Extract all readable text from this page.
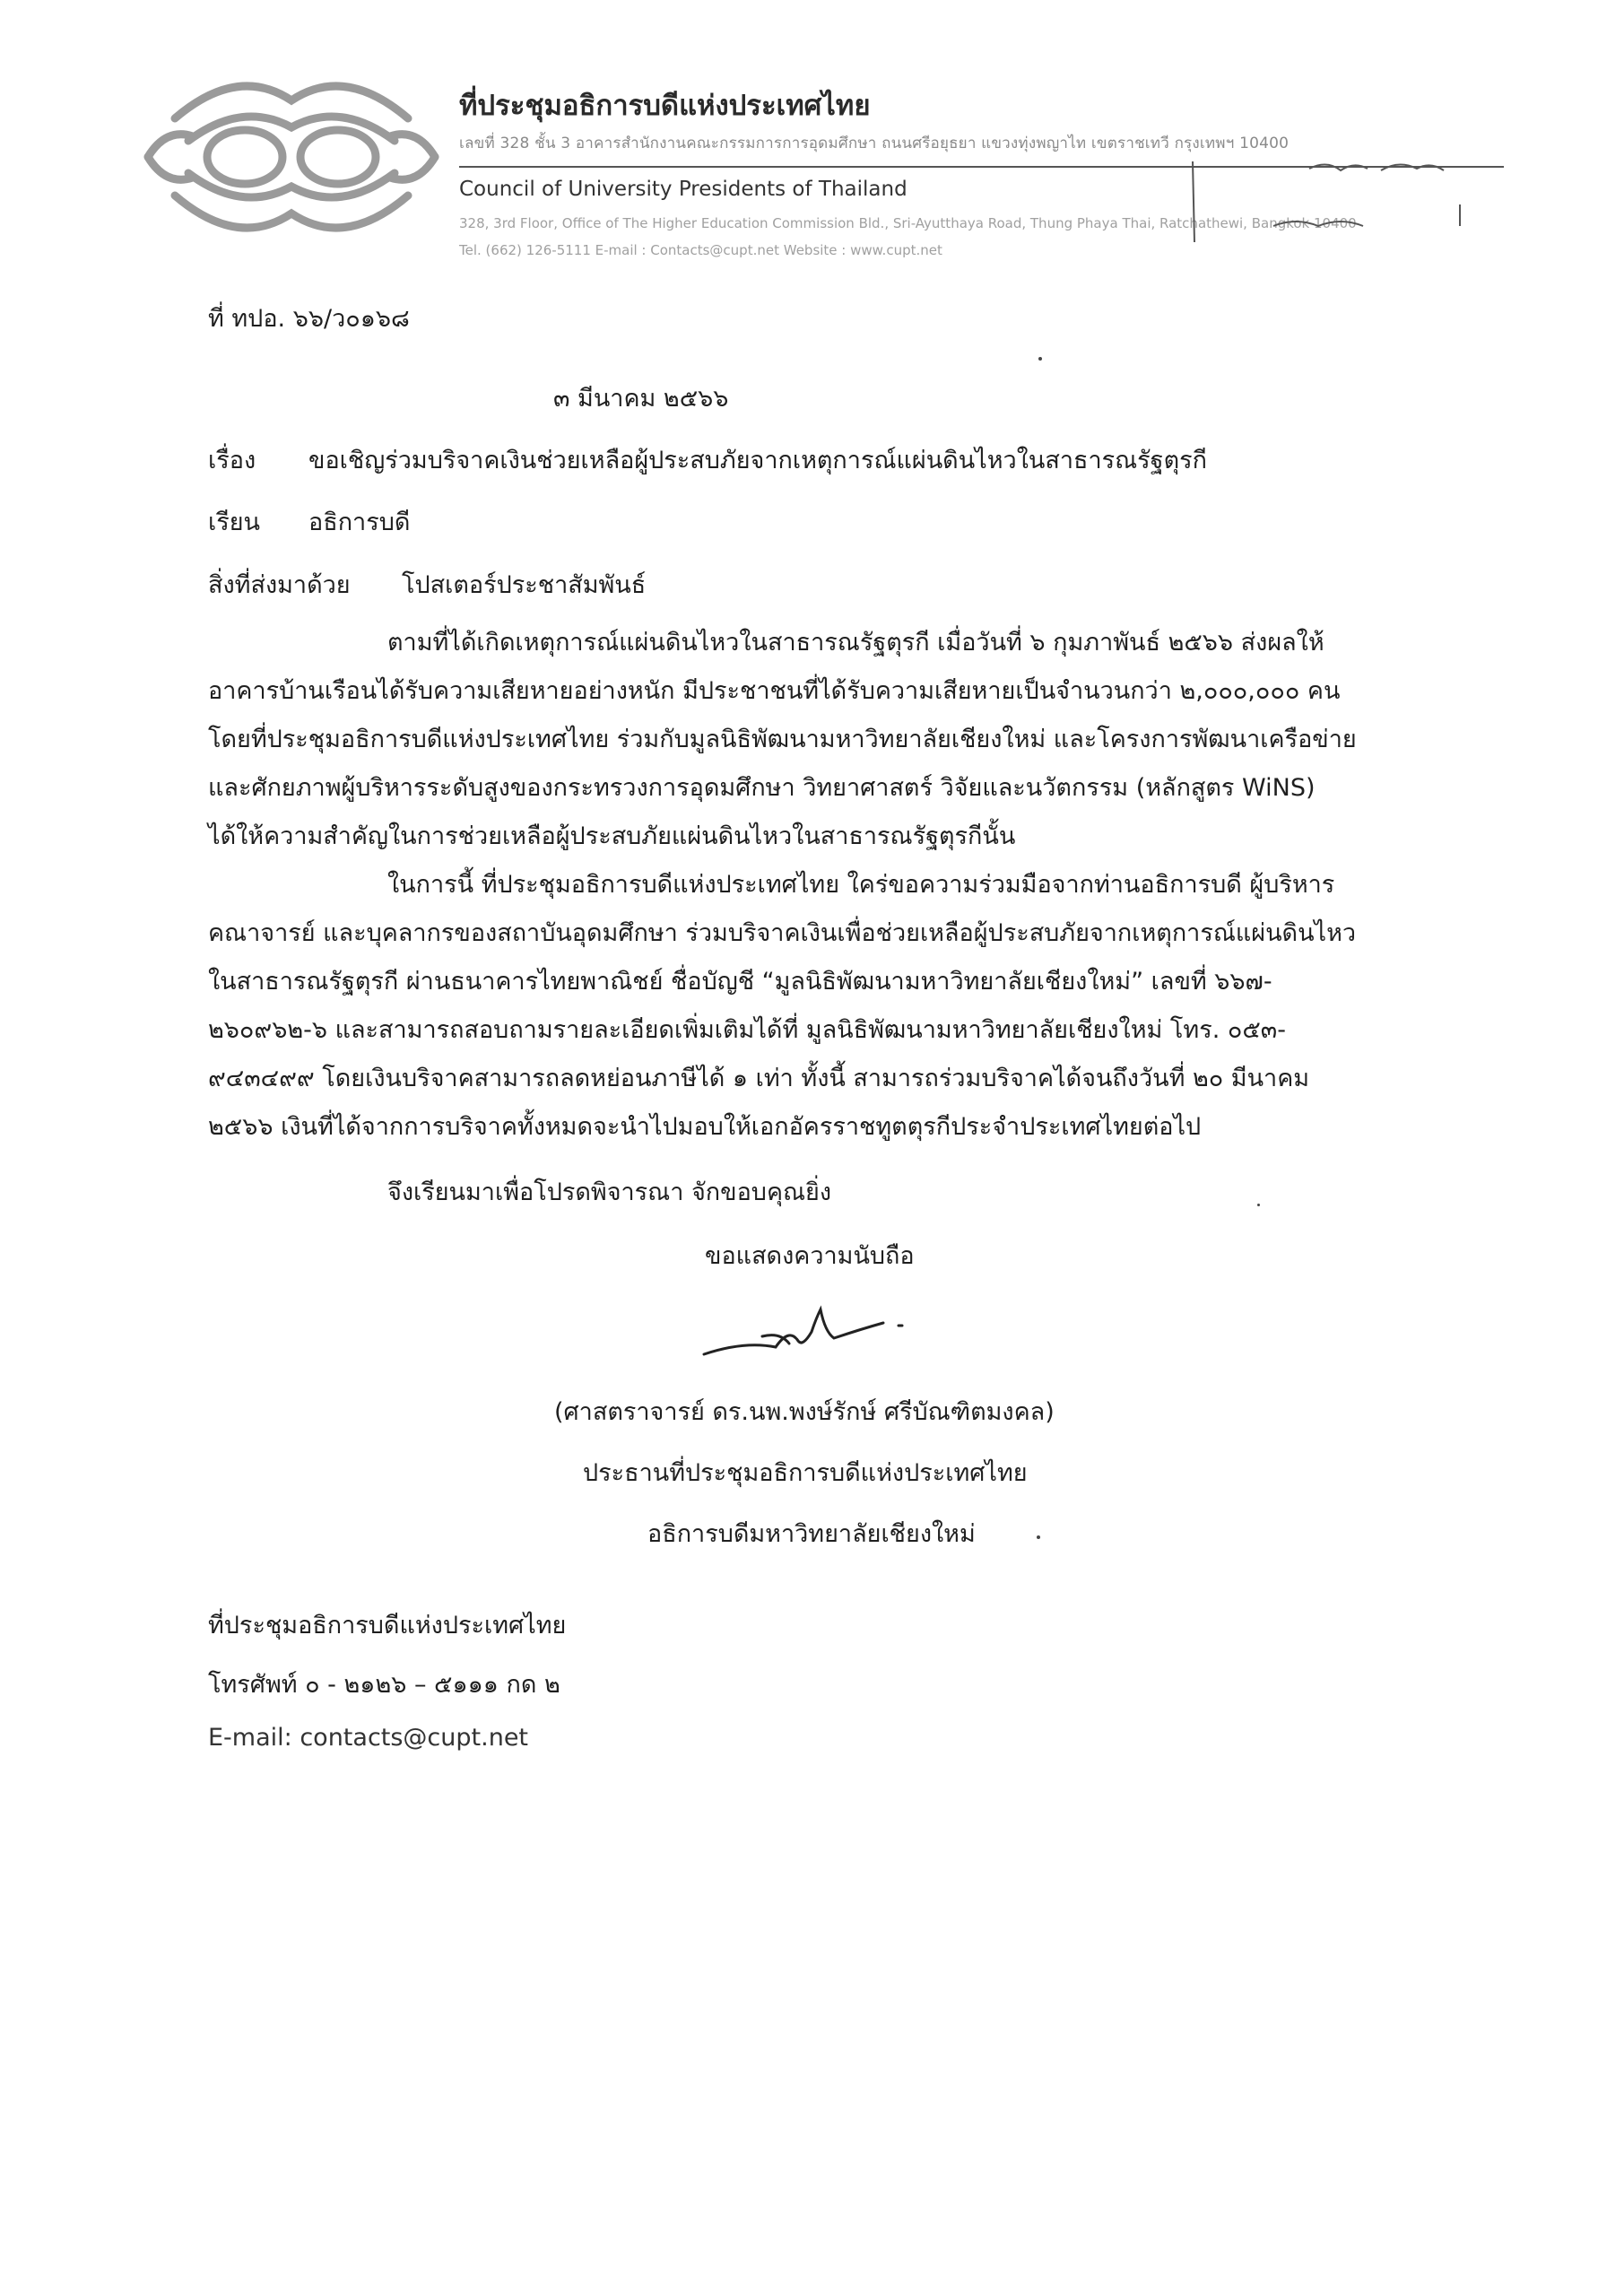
ที่ประชุมอธิการบดีแห่งประเทศไทย
เลขที่ 328 ชั้น 3 อาคารสำนักงานคณะกรรมการการอุดมศึกษา ถนนศรีอยุธยา แขวงทุ่งพญาไท เขตราชเทวี กรุงเทพฯ 10400
Council of University Presidents of Thailand
328, 3rd Floor, Office of The Higher Education Commission Bld., Sri-Ayutthaya Road, Thung Phaya Thai, Ratchathewi, Bangkok 10400
Tel. (662) 126-5111 E-mail : Contacts@cupt.net Website : www.cupt.net
ที่ ทปอ. ๖๖/ว๐๑๖๘
๓ มีนาคม ๒๕๖๖
เรื่อง ขอเชิญร่วมบริจาคเงินช่วยเหลือผู้ประสบภัยจากเหตุการณ์แผ่นดินไหวในสาธารณรัฐตุรกี
เรียน อธิการบดี
สิ่งที่ส่งมาด้วย โปสเตอร์ประชาสัมพันธ์
ตามที่ได้เกิดเหตุการณ์แผ่นดินไหวในสาธารณรัฐตุรกี เมื่อวันที่ ๖ กุมภาพันธ์ ๒๕๖๖ ส่งผลให้
อาคารบ้านเรือนได้รับความเสียหายอย่างหนัก มีประชาชนที่ได้รับความเสียหายเป็นจำนวนกว่า ๒,๐๐๐,๐๐๐ คน
โดยที่ประชุมอธิการบดีแห่งประเทศไทย ร่วมกับมูลนิธิพัฒนามหาวิทยาลัยเชียงใหม่ และโครงการพัฒนาเครือข่าย
และศักยภาพผู้บริหารระดับสูงของกระทรวงการอุดมศึกษา วิทยาศาสตร์ วิจัยและนวัตกรรม (หลักสูตร WiNS)
ได้ให้ความสำคัญในการช่วยเหลือผู้ประสบภัยแผ่นดินไหวในสาธารณรัฐตุรกีนั้น
ในการนี้ ที่ประชุมอธิการบดีแห่งประเทศไทย ใคร่ขอความร่วมมือจากท่านอธิการบดี ผู้บริหาร
คณาจารย์ และบุคลากรของสถาบันอุดมศึกษา ร่วมบริจาคเงินเพื่อช่วยเหลือผู้ประสบภัยจากเหตุการณ์แผ่นดินไหว
ในสาธารณรัฐตุรกี ผ่านธนาคารไทยพาณิชย์ ชื่อบัญชี “มูลนิธิพัฒนามหาวิทยาลัยเชียงใหม่” เลขที่ ๖๖๗-
๒๖๐๙๖๒-๖ และสามารถสอบถามรายละเอียดเพิ่มเติมได้ที่ มูลนิธิพัฒนามหาวิทยาลัยเชียงใหม่ โทร. ๐๕๓-
๙๔๓๔๙๙ โดยเงินบริจาคสามารถลดหย่อนภาษีได้ ๑ เท่า ทั้งนี้ สามารถร่วมบริจาคได้จนถึงวันที่ ๒๐ มีนาคม
๒๕๖๖ เงินที่ได้จากการบริจาคทั้งหมดจะนำไปมอบให้เอกอัครราชทูตตุรกีประจำประเทศไทยต่อไป
จึงเรียนมาเพื่อโปรดพิจารณา จักขอบคุณยิ่ง
ขอแสดงความนับถือ
(ศาสตราจารย์ ดร.นพ.พงษ์รักษ์ ศรีบัณฑิตมงคล)
ประธานที่ประชุมอธิการบดีแห่งประเทศไทย
อธิการบดีมหาวิทยาลัยเชียงใหม่
ที่ประชุมอธิการบดีแห่งประเทศไทย
โทรศัพท์ ๐ - ๒๑๒๖ – ๕๑๑๑ กด ๒
E-mail: contacts@cupt.net
